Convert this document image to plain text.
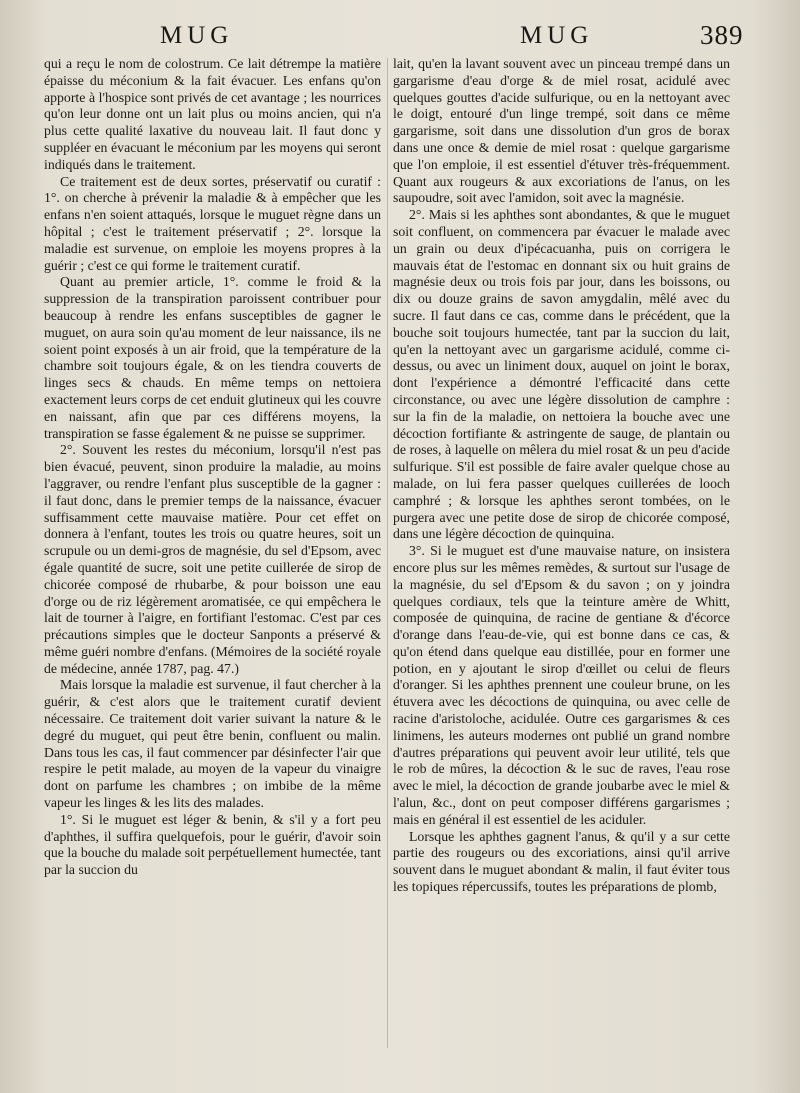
MUG	MUG	389

qui a reçu le nom de colostrum. Ce lait détrempe la matière épaisse du méconium & la fait évacuer. Les enfans qu'on apporte à l'hospice sont privés de cet avantage ; les nourrices qu'on leur donne ont un lait plus ou moins ancien, qui n'a plus cette qualité laxative du nouveau lait. Il faut donc y suppléer en évacuant le méconium par les moyens qui seront indiqués dans le traitement.

Ce traitement est de deux sortes, préservatif ou curatif : 1°. on cherche à prévenir la maladie & à empêcher que les enfans n'en soient attaqués, lorsque le muguet règne dans un hôpital ; c'est le traitement préservatif ; 2°. lorsque la maladie est survenue, on emploie les moyens propres à la guérir ; c'est ce qui forme le traitement curatif.

Quant au premier article, 1°. comme le froid & la suppression de la transpiration paroissent contribuer pour beaucoup à rendre les enfans susceptibles de gagner le muguet, on aura soin qu'au moment de leur naissance, ils ne soient point exposés à un air froid, que la température de la chambre soit toujours égale, & on les tiendra couverts de linges secs & chauds. En même temps on nettoiera exactement leurs corps de cet enduit glutineux qui les couvre en naissant, afin que par ces différens moyens, la transpiration se fasse également & ne puisse se supprimer.

2°. Souvent les restes du méconium, lorsqu'il n'est pas bien évacué, peuvent, sinon produire la maladie, au moins l'aggraver, ou rendre l'enfant plus susceptible de la gagner : il faut donc, dans le premier temps de la naissance, évacuer suffisamment cette mauvaise matière. Pour cet effet on donnera à l'enfant, toutes les trois ou quatre heures, soit un scrupule ou un demi-gros de magnésie, du sel d'Epsom, avec égale quantité de sucre, soit une petite cuillerée de sirop de chicorée composé de rhubarbe, & pour boisson une eau d'orge ou de riz légèrement aromatisée, ce qui empêchera le lait de tourner à l'aigre, en fortifiant l'estomac. C'est par ces précautions simples que le docteur Sanponts a préservé & même guéri nombre d'enfans. (Mémoires de la société royale de médecine, année 1787, pag. 47.)

Mais lorsque la maladie est survenue, il faut chercher à la guérir, & c'est alors que le traitement curatif devient nécessaire. Ce traitement doit varier suivant la nature & le degré du muguet, qui peut être benin, confluent ou malin. Dans tous les cas, il faut commencer par désinfecter l'air que respire le petit malade, au moyen de la vapeur du vinaigre dont on parfume les chambres ; on imbibe de la même vapeur les linges & les lits des malades.

1°. Si le muguet est léger & benin, & s'il y a fort peu d'aphthes, il suffira quelquefois, pour le guérir, d'avoir soin que la bouche du malade soit perpétuellement humectée, tant par la succion du

lait, qu'en la lavant souvent avec un pinceau trempé dans un gargarisme d'eau d'orge & de miel rosat, acidulé avec quelques gouttes d'acide sulfurique, ou en la nettoyant avec le doigt, entouré d'un linge trempé, soit dans ce même gargarisme, soit dans une dissolution d'un gros de borax dans une once & demie de miel rosat : quelque gargarisme que l'on emploie, il est essentiel d'étuver très-fréquemment. Quant aux rougeurs & aux excoriations de l'anus, on les saupoudre, soit avec l'amidon, soit avec la magnésie.

2°. Mais si les aphthes sont abondantes, & que le muguet soit confluent, on commencera par évacuer le malade avec un grain ou deux d'ipécacuanha, puis on corrigera le mauvais état de l'estomac en donnant six ou huit grains de magnésie deux ou trois fois par jour, dans les boissons, ou dix ou douze grains de savon amygdalin, mêlé avec du sucre. Il faut dans ce cas, comme dans le précédent, que la bouche soit toujours humectée, tant par la succion du lait, qu'en la nettoyant avec un gargarisme acidulé, comme ci-dessus, ou avec un liniment doux, auquel on joint le borax, dont l'expérience a démontré l'efficacité dans cette circonstance, ou avec une légère dissolution de camphre : sur la fin de la maladie, on nettoiera la bouche avec une décoction fortifiante & astringente de sauge, de plantain ou de roses, à laquelle on mêlera du miel rosat & un peu d'acide sulfurique. S'il est possible de faire avaler quelque chose au malade, on lui fera passer quelques cuillerées de looch camphré ; & lorsque les aphthes seront tombées, on le purgera avec une petite dose de sirop de chicorée composé, dans une légère décoction de quinquina.

3°. Si le muguet est d'une mauvaise nature, on insistera encore plus sur les mêmes remèdes, & surtout sur l'usage de la magnésie, du sel d'Epsom & du savon ; on y joindra quelques cordiaux, tels que la teinture amère de Whitt, composée de quinquina, de racine de gentiane & d'écorce d'orange dans l'eau-de-vie, qui est bonne dans ce cas, & qu'on étend dans quelque eau distillée, pour en former une potion, en y ajoutant le sirop d'œillet ou celui de fleurs d'oranger. Si les aphthes prennent une couleur brune, on les étuvera avec les décoctions de quinquina, ou avec celle de racine d'aristoloche, acidulée. Outre ces gargarismes & ces linimens, les auteurs modernes ont publié un grand nombre d'autres préparations qui peuvent avoir leur utilité, tels que le rob de mûres, la décoction & le suc de raves, l'eau rose avec le miel, la décoction de grande joubarbe avec le miel & l'alun, &c., dont on peut composer différens gargarismes ; mais en général il est essentiel de les aciduler.

Lorsque les aphthes gagnent l'anus, & qu'il y a sur cette partie des rougeurs ou des excoriations, ainsi qu'il arrive souvent dans le muguet abondant & malin, il faut éviter tous les topiques répercussifs, toutes les préparations de plomb,
